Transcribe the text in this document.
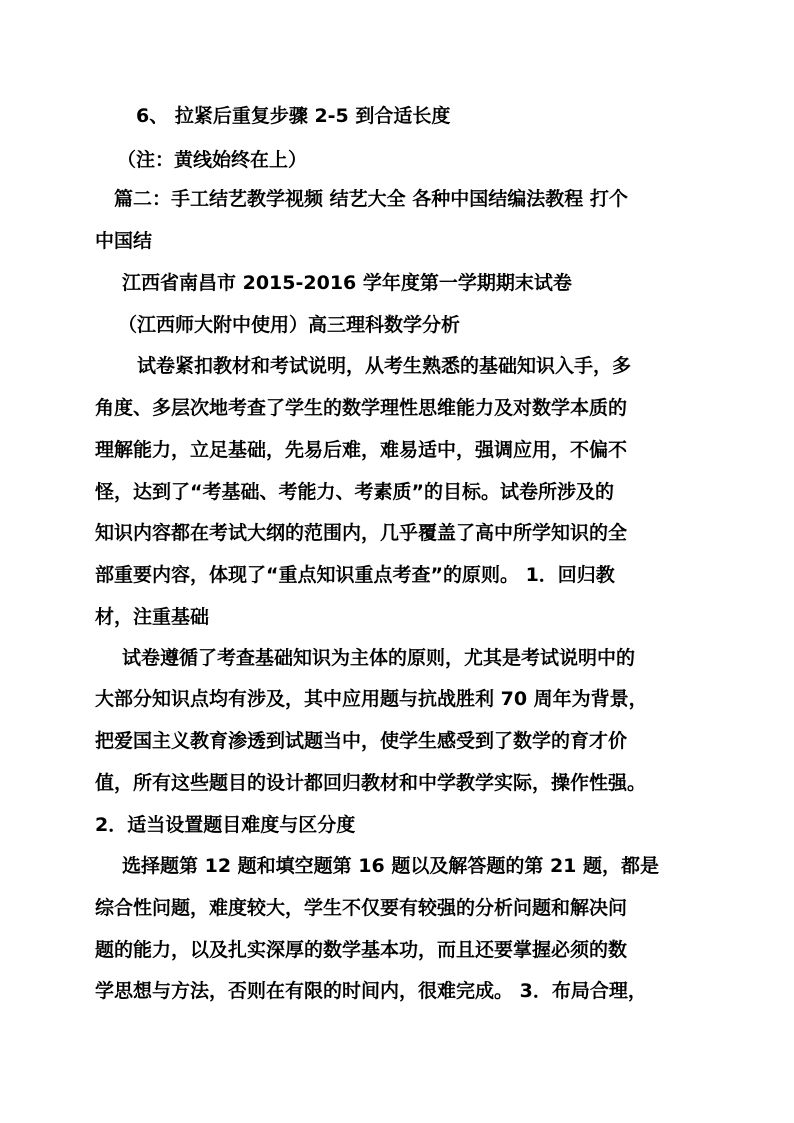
6、 拉紧后重复步骤 2-5 到合适长度
（注：黄线始终在上）
篇二：手工结艺教学视频 结艺大全 各种中国结编法教程 打个
中国结
江西省南昌市 2015-2016 学年度第一学期期末试卷
（江西师大附中使用）高三理科数学分析
试卷紧扣教材和考试说明，从考生熟悉的基础知识入手，多
角度、多层次地考查了学生的数学理性思维能力及对数学本质的
理解能力，立足基础，先易后难，难易适中，强调应用，不偏不
怪，达到了“考基础、考能力、考素质”的目标。试卷所涉及的
知识内容都在考试大纲的范围内，几乎覆盖了高中所学知识的全
部重要内容，体现了“重点知识重点考查”的原则。 1．回归教
材，注重基础
试卷遵循了考查基础知识为主体的原则，尤其是考试说明中的
大部分知识点均有涉及，其中应用题与抗战胜利 70 周年为背景，
把爱国主义教育渗透到试题当中，使学生感受到了数学的育才价
值，所有这些题目的设计都回归教材和中学教学实际，操作性强。
2．适当设置题目难度与区分度
选择题第 12 题和填空题第 16 题以及解答题的第 21 题，都是
综合性问题，难度较大，学生不仅要有较强的分析问题和解决问
题的能力，以及扎实深厚的数学基本功，而且还要掌握必须的数
学思想与方法，否则在有限的时间内，很难完成。 3．布局合理，
